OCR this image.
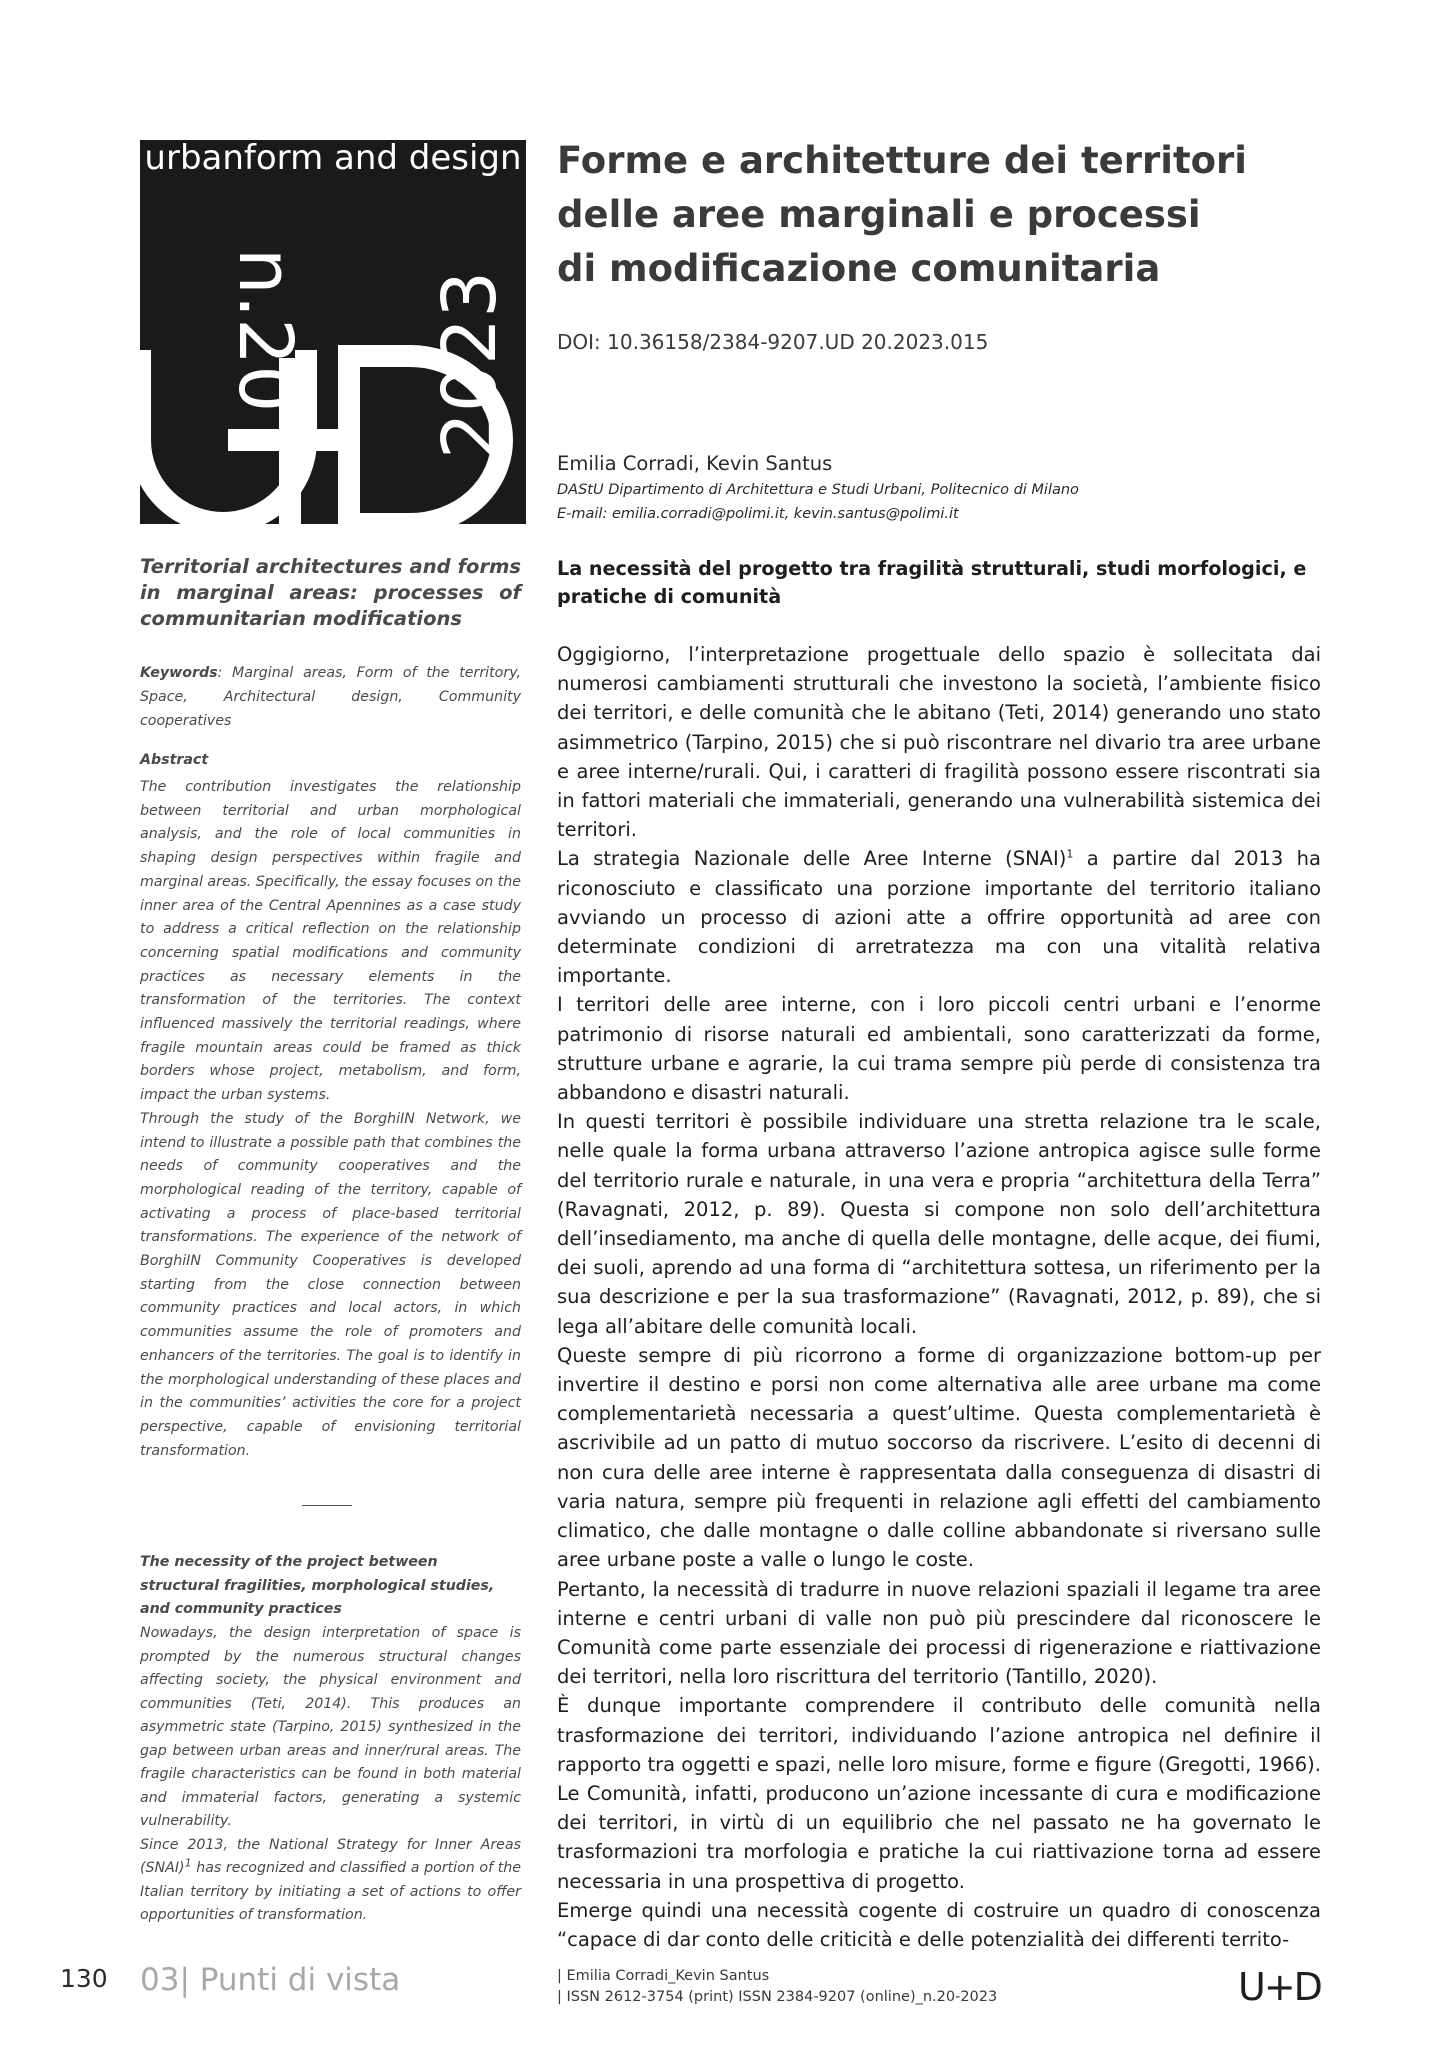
urbanform and design
n.20 2023
Forme e architetture dei territori
delle aree marginali e processi
di modificazione comunitaria
DOI: 10.36158/2384-9207.UD 20.2023.015
Emilia Corradi, Kevin Santus
DAStU Dipartimento di Architettura e Studi Urbani, Politecnico di Milano
E-mail: emilia.corradi@polimi.it, kevin.santus@polimi.it
Territorial architectures and forms in marginal areas: processes of communitarian modifications
Keywords: Marginal areas, Form of the territory, Space, Architectural design, Community cooperatives
Abstract

The contribution investigates the relationship between territorial and urban morphological analysis, and the role of local communities in shaping design perspectives within fragile and marginal areas. Specifically, the essay focuses on the inner area of the Central Apennines as a case study to address a critical reflection on the relationship concerning spatial modifications and community practices as necessary elements in the transformation of the territories. The context influenced massively the territorial readings, where fragile mountain areas could be framed as thick borders whose project, metabolism, and form, impact the urban systems.

Through the study of the BorghiIN Network, we intend to illustrate a possible path that combines the needs of community cooperatives and the morphological reading of the territory, capable of activating a process of place-based territorial transformations. The experience of the network of BorghiIN Community Cooperatives is developed starting from the close connection between community practices and local actors, in which communities assume the role of promoters and enhancers of the territories. The goal is to identify in the morphological understanding of these places and in the communities’ activities the core for a project perspective, capable of envisioning territorial transformation.

The necessity of the project between structural fragilities, morphological studies, and community practices

Nowadays, the design interpretation of space is prompted by the numerous structural changes affecting society, the physical environment and communities (Teti, 2014). This produces an asymmetric state (Tarpino, 2015) synthesized in the gap between urban areas and inner/rural areas. The fragile characteristics can be found in both material and immaterial factors, generating a systemic vulnerability.

Since 2013, the National Strategy for Inner Areas (SNAI)$^1$ has recognized and classified a portion of the Italian territory by initiating a set of actions to offer opportunities of transformation.

La necessità del progetto tra fragilità strutturali, studi morfologici, e pratiche di comunità

Oggigiorno, l’interpretazione progettuale dello spazio è sollecitata dai numerosi cambiamenti strutturali che investono la società, l’ambiente fisico dei territori, e delle comunità che le abitano (Teti, 2014) generando uno stato asimmetrico (Tarpino, 2015) che si può riscontrare nel divario tra aree urbane e aree interne/rurali. Qui, i caratteri di fragilità possono essere riscontrati sia in fattori materiali che immateriali, generando una vulnerabilità sistemica dei territori.

La strategia Nazionale delle Aree Interne (SNAI)$^1$ a partire dal 2013 ha riconosciuto e classificato una porzione importante del territorio italiano avviando un processo di azioni atte a offrire opportunità ad aree con determinate condizioni di arretratezza ma con una vitalità relativa importante.

I territori delle aree interne, con i loro piccoli centri urbani e l’enorme patrimonio di risorse naturali ed ambientali, sono caratterizzati da forme, strutture urbane e agrarie, la cui trama sempre più perde di consistenza tra abbandono e disastri naturali.

In questi territori è possibile individuare una stretta relazione tra le scale, nelle quale la forma urbana attraverso l’azione antropica agisce sulle forme del territorio rurale e naturale, in una vera e propria “architettura della Terra” (Ravagnati, 2012, p. 89). Questa si compone non solo dell’architettura dell’insediamento, ma anche di quella delle montagne, delle acque, dei fiumi, dei suoli, aprendo ad una forma di “architettura sottesa, un riferimento per la sua descrizione e per la sua trasformazione” (Ravagnati, 2012, p. 89), che si lega all’abitare delle comunità locali.

Queste sempre di più ricorrono a forme di organizzazione bottom-up per invertire il destino e porsi non come alternativa alle aree urbane ma come complementarietà necessaria a quest’ultime. Questa complementarietà è ascrivibile ad un patto di mutuo soccorso da riscrivere. L’esito di decenni di non cura delle aree interne è rappresentata dalla conseguenza di disastri di varia natura, sempre più frequenti in relazione agli effetti del cambiamento climatico, che dalle montagne o dalle colline abbandonate si riversano sulle aree urbane poste a valle o lungo le coste.

Pertanto, la necessità di tradurre in nuove relazioni spaziali il legame tra aree interne e centri urbani di valle non può più prescindere dal riconoscere le Comunità come parte essenziale dei processi di rigenerazione e riattivazione dei territori, nella loro riscrittura del territorio (Tantillo, 2020).

È dunque importante comprendere il contributo delle comunità nella trasformazione dei territori, individuando l’azione antropica nel definire il rapporto tra oggetti e spazi, nelle loro misure, forme e figure (Gregotti, 1966). Le Comunità, infatti, producono un’azione incessante di cura e modificazione dei territori, in virtù di un equilibrio che nel passato ne ha governato le trasformazioni tra morfologia e pratiche la cui riattivazione torna ad essere necessaria in una prospettiva di progetto.

Emerge quindi una necessità cogente di costruire un quadro di conoscenza “capace di dar conto delle criticità e delle potenzialità dei differenti territo-

130 03| Punti di vista	| Emilia Corradi_Kevin Santus
| ISSN 2612-3754 (print) ISSN 2384-9207 (online)_n.20-2023	U+D
